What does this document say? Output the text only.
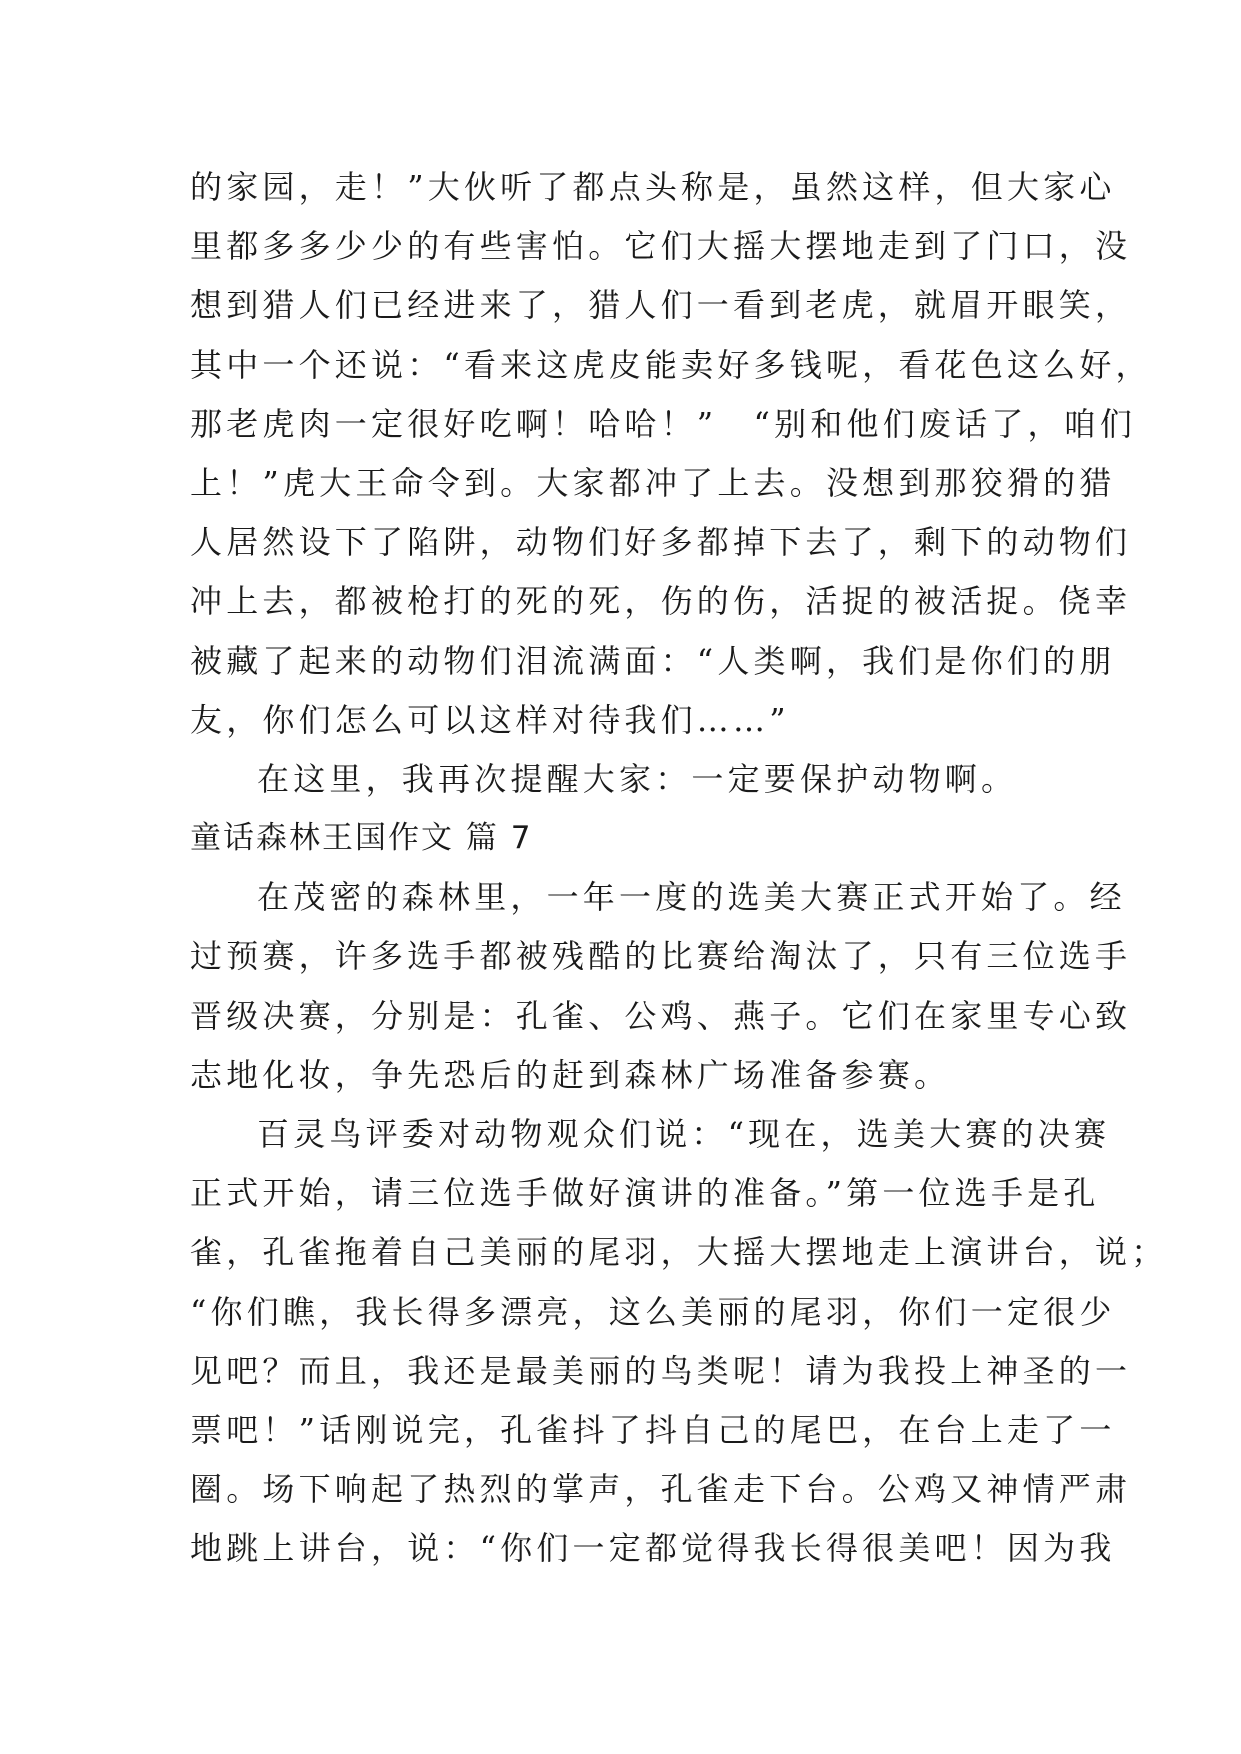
的家园，走！”大伙听了都点头称是，虽然这样，但大家心
里都多多少少的有些害怕。它们大摇大摆地走到了门口，没
想到猎人们已经进来了，猎人们一看到老虎，就眉开眼笑，
其中一个还说：“看来这虎皮能卖好多钱呢，看花色这么好，
那老虎肉一定很好吃啊！哈哈！”　“别和他们废话了，咱们
上！”虎大王命令到。大家都冲了上去。没想到那狡猾的猎
人居然设下了陷阱，动物们好多都掉下去了，剩下的动物们
冲上去，都被枪打的死的死，伤的伤，活捉的被活捉。侥幸
被藏了起来的动物们泪流满面：“人类啊，我们是你们的朋
友，你们怎么可以这样对待我们……”
在这里，我再次提醒大家：一定要保护动物啊。
童话森林王国作文 篇 7
在茂密的森林里，一年一度的选美大赛正式开始了。经
过预赛，许多选手都被残酷的比赛给淘汰了，只有三位选手
晋级决赛，分别是：孔雀、公鸡、燕子。它们在家里专心致
志地化妆，争先恐后的赶到森林广场准备参赛。
百灵鸟评委对动物观众们说：“现在，选美大赛的决赛
正式开始，请三位选手做好演讲的准备。”第一位选手是孔
雀，孔雀拖着自己美丽的尾羽，大摇大摆地走上演讲台，说；
“你们瞧，我长得多漂亮，这么美丽的尾羽，你们一定很少
见吧？而且，我还是最美丽的鸟类呢！请为我投上神圣的一
票吧！”话刚说完，孔雀抖了抖自己的尾巴，在台上走了一
圈。场下响起了热烈的掌声，孔雀走下台。公鸡又神情严肃
地跳上讲台，说：“你们一定都觉得我长得很美吧！因为我
